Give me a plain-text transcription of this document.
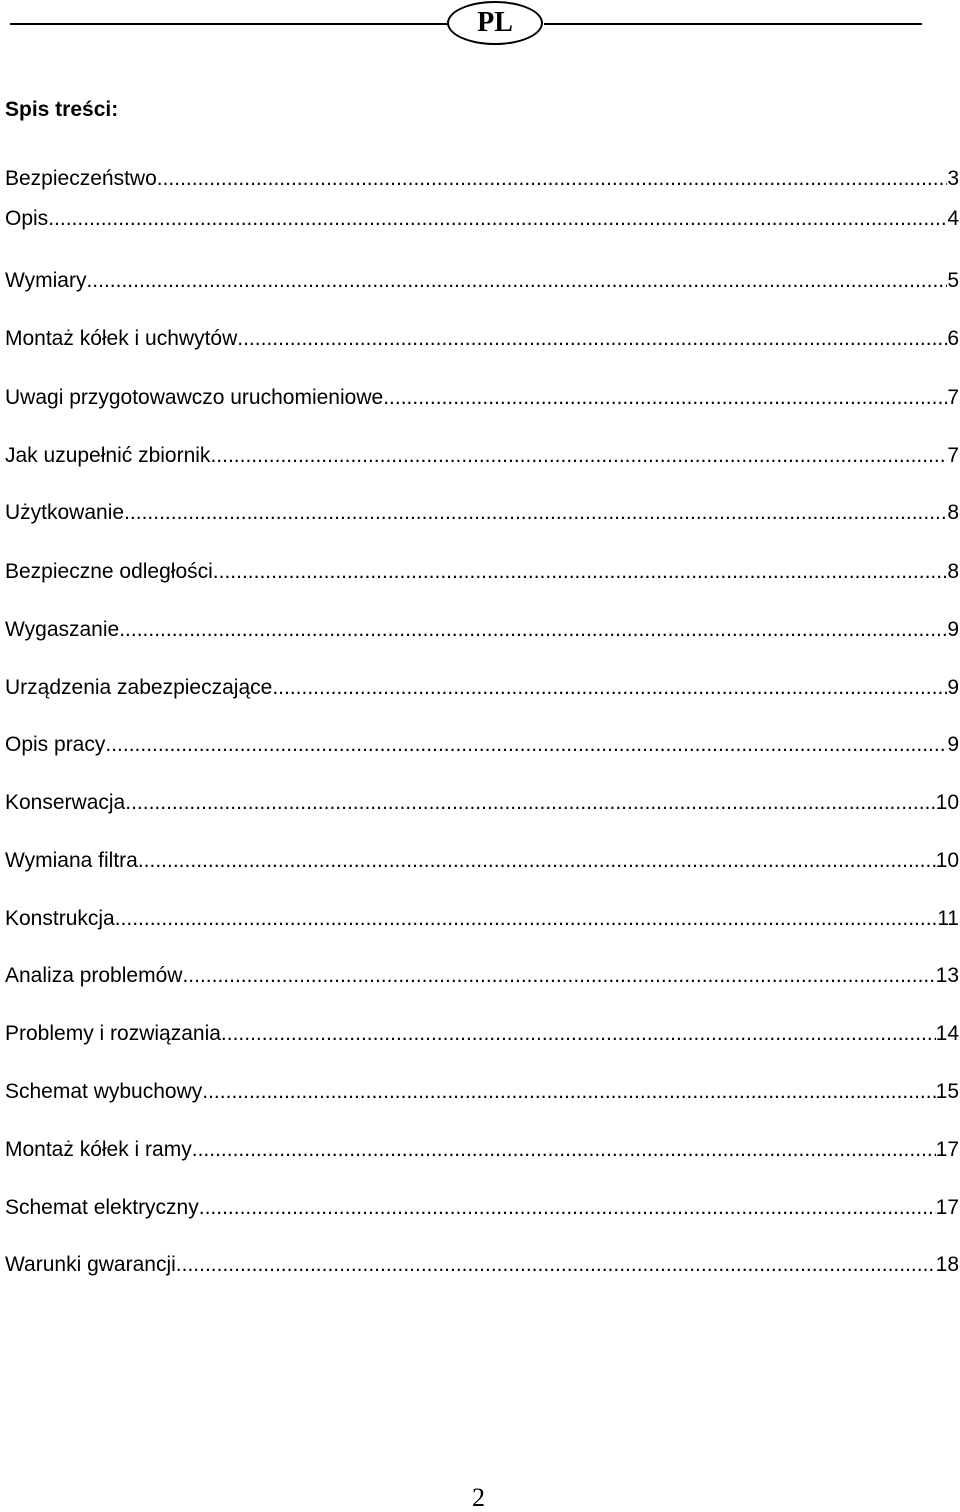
PL
Spis treści:
Bezpieczeństwo .....	3
Opis .....	4
Wymiary .....	5
Montaż kółek i uchwytów .....	6
Uwagi przygotowawczo uruchomieniowe .....	7
Jak uzupełnić zbiornik .....	7
Użytkowanie .....	8
Bezpieczne odległości .....	8
Wygaszanie .....	9
Urządzenia zabezpieczające .....	9
Opis pracy .....	9
Konserwacja .....	10
Wymiana filtra .....	10
Konstrukcja .....	11
Analiza problemów .....	13
Problemy i rozwiązania .....	14
Schemat wybuchowy .....	15
Montaż kółek i ramy .....	17
Schemat elektryczny .....	17
Warunki gwarancji .....	18
2
